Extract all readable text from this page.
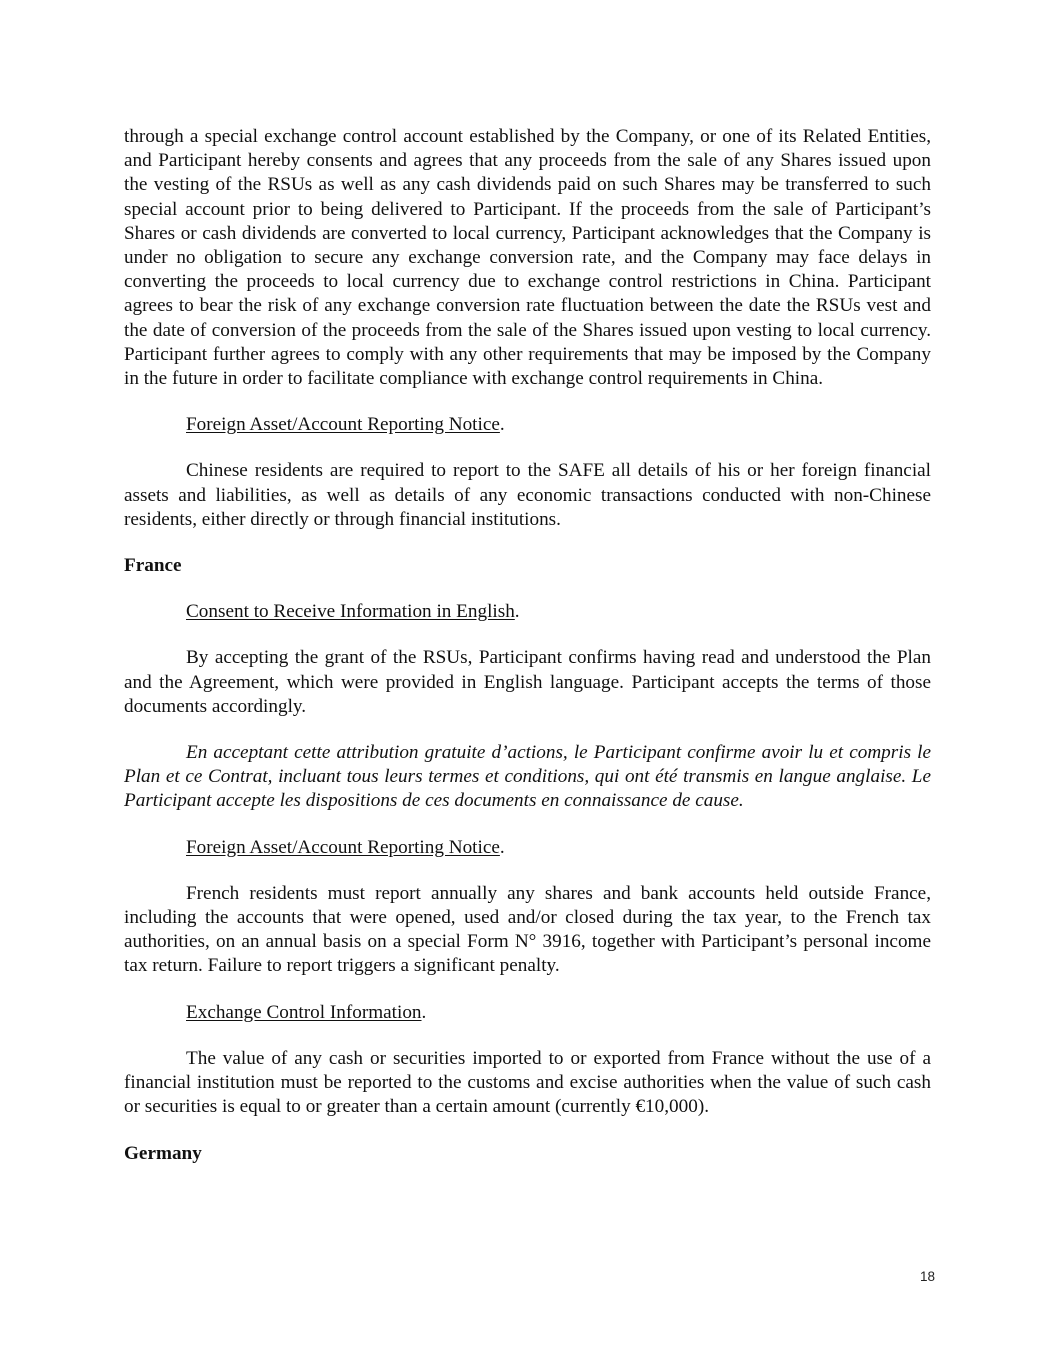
through a special exchange control account established by the Company, or one of its Related Entities, and Participant hereby consents and agrees that any proceeds from the sale of any Shares issued upon the vesting of the RSUs as well as any cash dividends paid on such Shares may be transferred to such special account prior to being delivered to Participant. If the proceeds from the sale of Participant’s Shares or cash dividends are converted to local currency, Participant acknowledges that the Company is under no obligation to secure any exchange conversion rate, and the Company may face delays in converting the proceeds to local currency due to exchange control restrictions in China. Participant agrees to bear the risk of any exchange conversion rate fluctuation between the date the RSUs vest and the date of conversion of the proceeds from the sale of the Shares issued upon vesting to local currency. Participant further agrees to comply with any other requirements that may be imposed by the Company in the future in order to facilitate compliance with exchange control requirements in China.

Foreign Asset/Account Reporting Notice.

Chinese residents are required to report to the SAFE all details of his or her foreign financial assets and liabilities, as well as details of any economic transactions conducted with non-Chinese residents, either directly or through financial institutions.

France

Consent to Receive Information in English.

By accepting the grant of the RSUs, Participant confirms having read and understood the Plan and the Agreement, which were provided in English language. Participant accepts the terms of those documents accordingly.

En acceptant cette attribution gratuite d’actions, le Participant confirme avoir lu et compris le Plan et ce Contrat, incluant tous leurs termes et conditions, qui ont été transmis en langue anglaise. Le Participant accepte les dispositions de ces documents en connaissance de cause.

Foreign Asset/Account Reporting Notice.

French residents must report annually any shares and bank accounts held outside France, including the accounts that were opened, used and/or closed during the tax year, to the French tax authorities, on an annual basis on a special Form N° 3916, together with Participant’s personal income tax return. Failure to report triggers a significant penalty.

Exchange Control Information.

The value of any cash or securities imported to or exported from France without the use of a financial institution must be reported to the customs and excise authorities when the value of such cash or securities is equal to or greater than a certain amount (currently €10,000).

Germany

18
